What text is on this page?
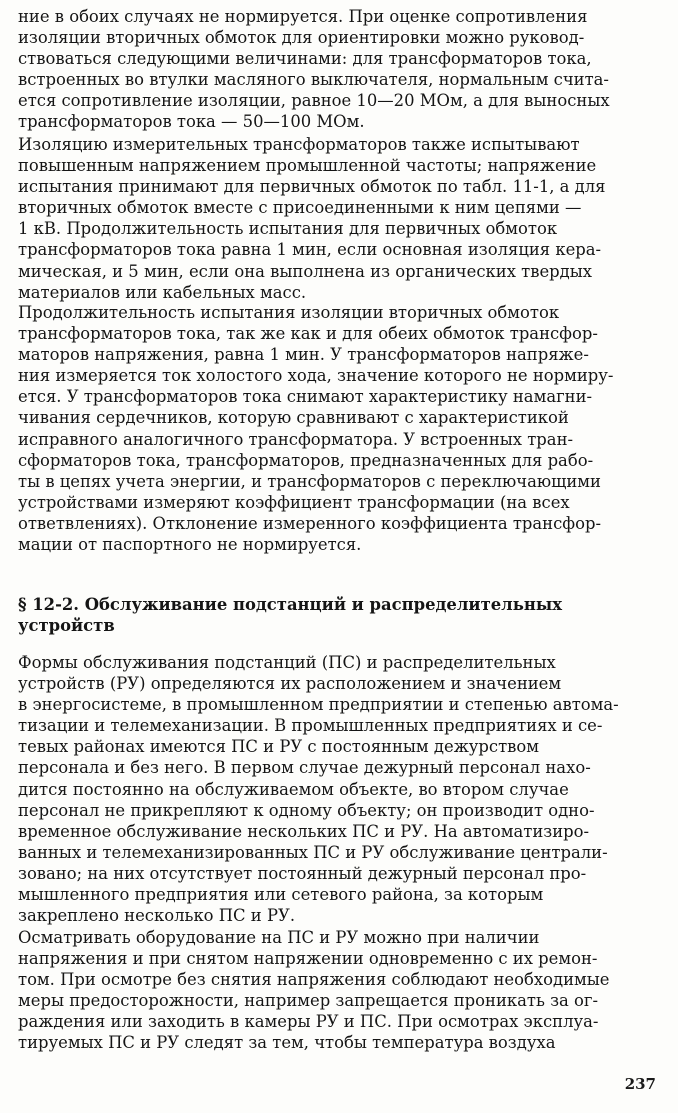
ние в обоих случаях не нормируется. При оценке сопротивления
изоляции вторичных обмоток для ориентировки можно руковод-
ствоваться следующими величинами: для трансформаторов тока,
встроенных во втулки масляного выключателя, нормальным счита-
ется сопротивление изоляции, равное 10—20 МОм, а для выносных
трансформаторов тока — 50—100 МОм.

Изоляцию измерительных трансформаторов также испытывают
повышенным напряжением промышленной частоты; напряжение
испытания принимают для первичных обмоток по табл. 11-1, а для
вторичных обмоток вместе с присоединенными к ним цепями —
1 кВ. Продолжительность испытания для первичных обмоток
трансформаторов тока равна 1 мин, если основная изоляция кера-
мическая, и 5 мин, если она выполнена из органических твердых
материалов или кабельных масс.

Продолжительность испытания изоляции вторичных обмоток
трансформаторов тока, так же как и для обеих обмоток трансфор-
маторов напряжения, равна 1 мин. У трансформаторов напряже-
ния измеряется ток холостого хода, значение которого не нормиру-
ется. У трансформаторов тока снимают характеристику намагни-
чивания сердечников, которую сравнивают с характеристикой
исправного аналогичного трансформатора. У встроенных тран-
сформаторов тока, трансформаторов, предназначенных для рабо-
ты в цепях учета энергии, и трансформаторов с переключающими
устройствами измеряют коэффициент трансформации (на всех
ответвлениях). Отклонение измеренного коэффициента трансфор-
мации от паспортного не нормируется.

§ 12-2. Обслуживание подстанций и распределительных
устройств

Формы обслуживания подстанций (ПС) и распределительных
устройств (РУ) определяются их расположением и значением
в энергосистеме, в промышленном предприятии и степенью автома-
тизации и телемеханизации. В промышленных предприятиях и се-
тевых районах имеются ПС и РУ с постоянным дежурством
персонала и без него. В первом случае дежурный персонал нахо-
дится постоянно на обслуживаемом объекте, во втором случае
персонал не прикрепляют к одному объекту; он производит одно-
временное обслуживание нескольких ПС и РУ. На автоматизиро-
ванных и телемеханизированных ПС и РУ обслуживание централи-
зовано; на них отсутствует постоянный дежурный персонал про-
мышленного предприятия или сетевого района, за которым
закреплено несколько ПС и РУ.

Осматривать оборудование на ПС и РУ можно при наличии
напряжения и при снятом напряжении одновременно с их ремон-
том. При осмотре без снятия напряжения соблюдают необходимые
меры предосторожности, например запрещается проникать за ог-
раждения или заходить в камеры РУ и ПС. При осмотрах эксплуа-
тируемых ПС и РУ следят за тем, чтобы температура воздуха

237
